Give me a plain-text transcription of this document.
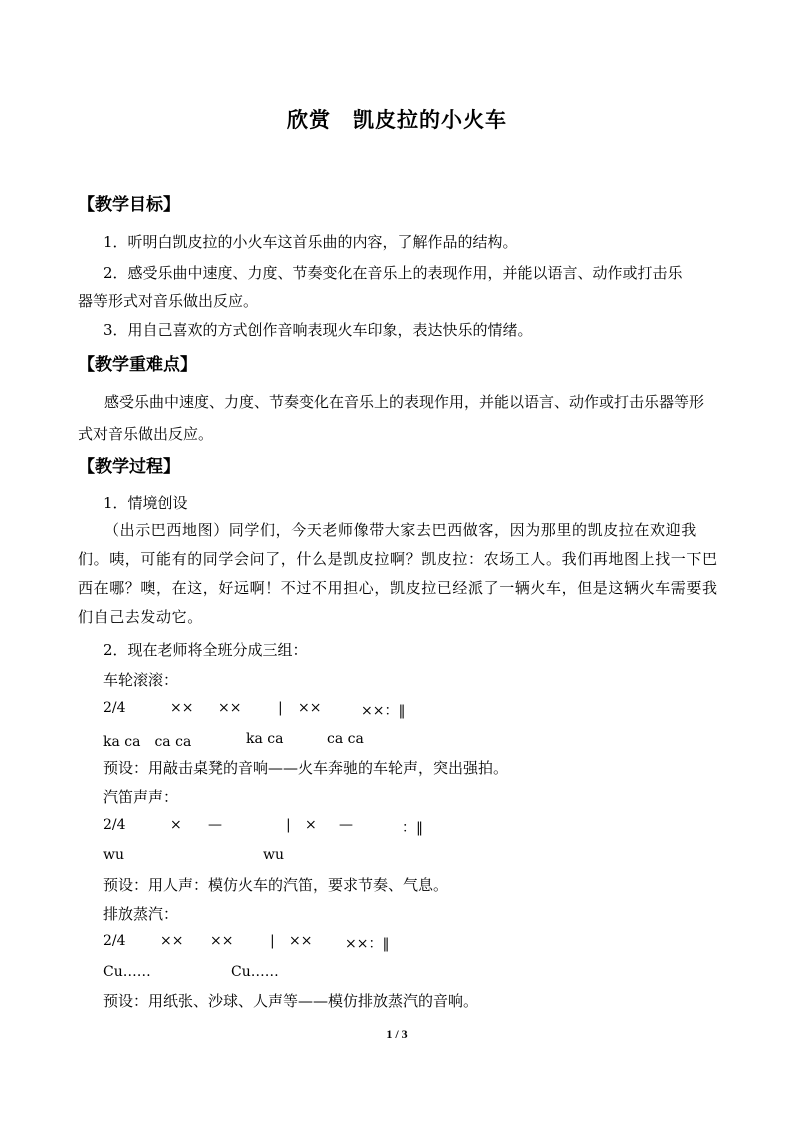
欣赏　凯皮拉的小火车
【教学目标】
1．听明白凯皮拉的小火车这首乐曲的内容，了解作品的结构。
2．感受乐曲中速度、力度、节奏变化在音乐上的表现作用，并能以语言、动作或打击乐
器等形式对音乐做出反应。
3．用自己喜欢的方式创作音响表现火车印象，表达快乐的情绪。
【教学重难点】
感受乐曲中速度、力度、节奏变化在音乐上的表现作用，并能以语言、动作或打击乐器等形式对音乐做出反应。
【教学过程】
1．情境创设
（出示巴西地图）同学们，今天老师像带大家去巴西做客，因为那里的凯皮拉在欢迎我们。咦，可能有的同学会问了，什么是凯皮拉啊？凯皮拉：农场工人。我们再地图上找一下巴西在哪？噢，在这，好远啊！不过不用担心，凯皮拉已经派了一辆火车，但是这辆火车需要我们自己去发动它。
2．现在老师将全班分成三组：
车轮滚滚：
2/4	×× ××	| ××	××：‖
ka ca　ca ca	ka ca	ca ca
预设：用敲击桌凳的音响——火车奔驰的车轮声，突出强拍。
汽笛声声：
2/4	× —	| × —	：‖
wu	wu
预设：用人声：模仿火车的汽笛，要求节奏、气息。
排放蒸汽：
2/4 ×× ××	| ×× ××：‖
Cu……	Cu……
预设：用纸张、沙球、人声等——模仿排放蒸汽的音响。
1 / 3
